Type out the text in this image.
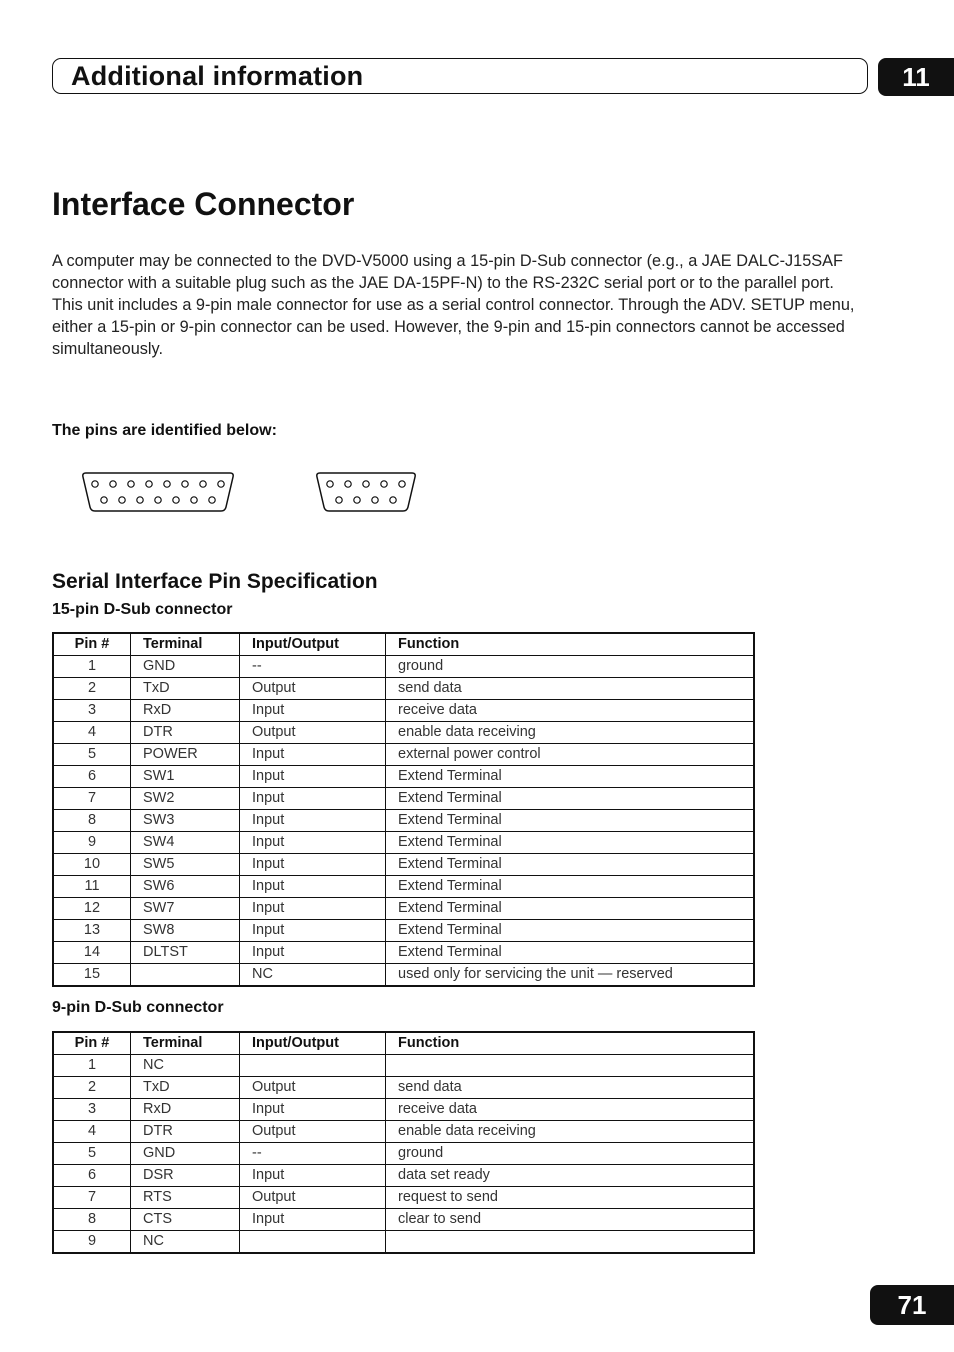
Additional information	11
Interface Connector

A computer may be connected to the DVD-V5000 using a 15-pin D-Sub connector (e.g., a JAE DALC-J15SAF connector with a suitable plug such as the JAE DA-15PF-N) to the RS-232C serial port or to the parallel port.

This unit includes a 9-pin male connector for use as a serial control connector. Through the ADV. SETUP menu, either a 15-pin or 9-pin connector can be used. However, the 9-pin and 15-pin connectors cannot be accessed simultaneously.

The pins are identified below:
Serial Interface Pin Specification
15-pin D-Sub connector
Pin #	Terminal	Input/Output	Function
1	GND	--	ground
2	TxD	Output	send data
3	RxD	Input	receive data
4	DTR	Output	enable data receiving
5	POWER	Input	external power control
6	SW1	Input	Extend Terminal
7	SW2	Input	Extend Terminal
8	SW3	Input	Extend Terminal
9	SW4	Input	Extend Terminal
10	SW5	Input	Extend Terminal
11	SW6	Input	Extend Terminal
12	SW7	Input	Extend Terminal
13	SW8	Input	Extend Terminal
14	DLTST	Input	Extend Terminal
15		NC	used only for servicing the unit — reserved
9-pin D-Sub connector
Pin #	Terminal	Input/Output	Function
1	NC		
2	TxD	Output	send data
3	RxD	Input	receive data
4	DTR	Output	enable data receiving
5	GND	--	ground
6	DSR	Input	data set ready
7	RTS	Output	request to send
8	CTS	Input	clear to send
9	NC		
71
